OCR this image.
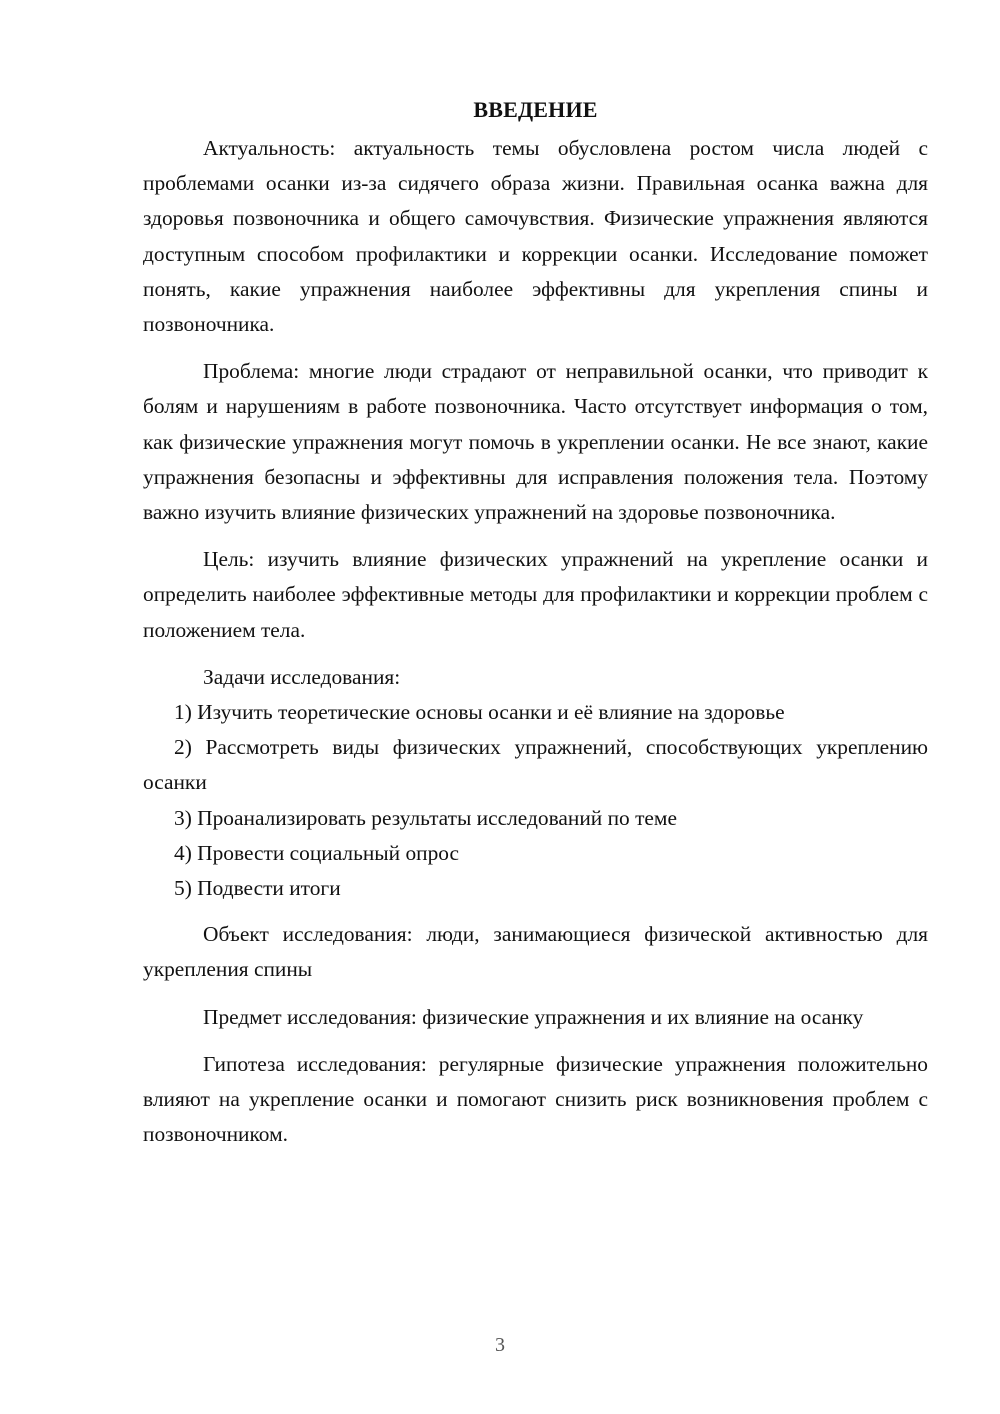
ВВЕДЕНИЕ

Актуальность: актуальность темы обусловлена ростом числа людей с проблемами осанки из-за сидячего образа жизни. Правильная осанка важна для здоровья позвоночника и общего самочувствия. Физические упражнения являются доступным способом профилактики и коррекции осанки. Исследование поможет понять, какие упражнения наиболее эффективны для укрепления спины и позвоночника.

Проблема: многие люди страдают от неправильной осанки, что приводит к болям и нарушениям в работе позвоночника. Часто отсутствует информация о том, как физические упражнения могут помочь в укреплении осанки. Не все знают, какие упражнения безопасны и эффективны для исправления положения тела. Поэтому важно изучить влияние физических упражнений на здоровье позвоночника.

Цель: изучить влияние физических упражнений на укрепление осанки и определить наиболее эффективные методы для профилактики и коррекции проблем с положением тела.

Задачи исследования:

1) Изучить теоретические основы осанки и её влияние на здоровье

2) Рассмотреть виды физических упражнений, способствующих укреплению осанки

3) Проанализировать результаты исследований по теме

4) Провести социальный опрос

5) Подвести итоги

Объект исследования: люди, занимающиеся физической активностью для укрепления спины

Предмет исследования: физические упражнения и их влияние на осанку

Гипотеза исследования: регулярные физические упражнения положительно влияют на укрепление осанки и помогают снизить риск возникновения проблем с позвоночником.

3
